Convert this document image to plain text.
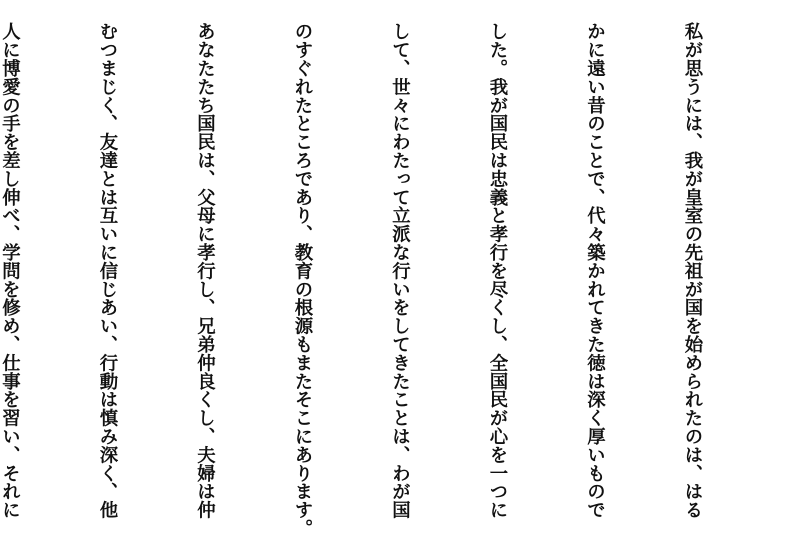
私が思うには、我が皇室の先祖が国を始められたのは、はる

かに遠い昔のことで、代々築かれてきた徳は深く厚いもので

した。我が国民は忠義と孝行を尽くし、全国民が心を一つに

して、世々にわたって立派な行いをしてきたことは、わが国

のすぐれたところであり、教育の根源もまたそこにあります。

あなたたち国民は、父母に孝行し、兄弟仲良くし、夫婦は仲

むつまじく、友達とは互いに信じあい、行動は慎み深く、他

人に博愛の手を差し伸べ、学問を修め、仕事を習い、それに
